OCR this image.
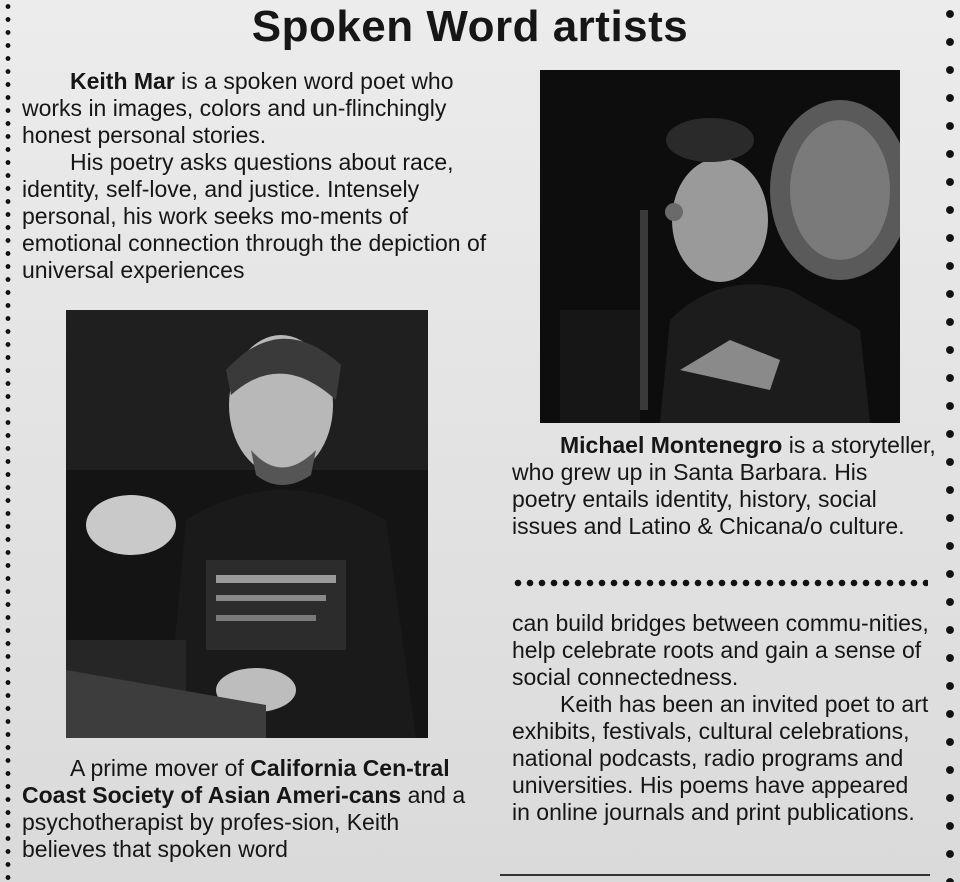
Spoken Word artists

Keith Mar is a spoken word poet who works in images, colors and un-flinchingly honest personal stories.

His poetry asks questions about race, identity, self-love, and justice. Intensely personal, his work seeks mo-ments of emotional connection through the depiction of universal experiences

Michael Montenegro is a storyteller, who grew up in Santa Barbara. His poetry entails identity, history, social issues and Latino & Chicana/o culture.

A prime mover of California Cen-tral Coast Society of Asian Ameri-cans and a psychotherapist by profes-sion, Keith believes that spoken word

can build bridges between commu-nities, help celebrate roots and gain a sense of social connectedness.

Keith has been an invited poet to art exhibits, festivals, cultural celebrations, national podcasts, radio programs and universities. His poems have appeared in online journals and print publications.
